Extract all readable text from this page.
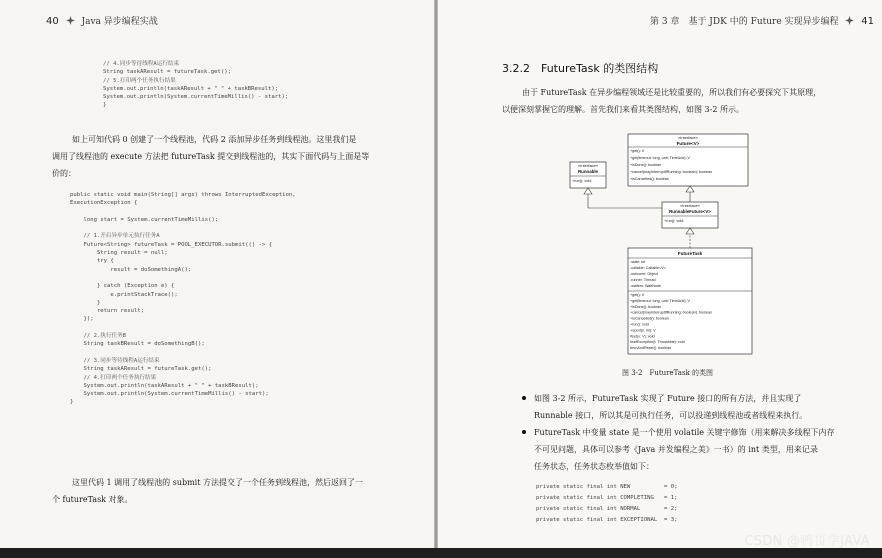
40	Java 异步编程实战
// 4.同步等待线程A运行结束
String taskAResult = futureTask.get();
// 5.打印两个任务执行结果
System.out.println(taskAResult + " " + taskBResult);
System.out.println(System.currentTimeMillis() - start);
}
如上可知代码 0 创建了一个线程池，代码 2 添加异步任务到线程池。这里我们是
调用了线程池的 execute 方法把 futureTask 提交到线程池的，其实下面代码与上面是等
价的：
public static void main(String[] args) throws InterruptedException,
ExecutionException {

long start = System.currentTimeMillis();

// 1.开启异步单元执行任务A
Future<String> futureTask = POOL_EXECUTOR.submit(() -> {
String result = null;
try {
result = doSomethingA();

} catch (Exception e) {
e.printStackTrace();
}
return result;
});

// 2.执行任务B
String taskBResult = doSomethingB();

// 3.同步等待线程A运行结束
String taskAResult = futureTask.get();
// 4.打印两个任务执行结果
System.out.println(taskAResult + " " + taskBResult);
System.out.println(System.currentTimeMillis() - start);
}
这里代码 1 调用了线程池的 submit 方法提交了一个任务到线程池，然后返回了一
个 futureTask 对象。
第 3 章　基于 JDK 中的 Future 实现异步编程 41
3.2.2　FutureTask 的类图结构
由于 FutureTask 在异步编程领域还是比较重要的，所以我们有必要探究下其原理，
以便深刻掌握它的理解。首先我们来看其类图结构，如图 3-2 所示。
«Interface»
Future<V>
+get(): V
+get(timeout: long, unit: TimeUnit): V
+isDone(): boolean
+cancel(mayInterruptIfRunning: boolean): boolean
+isCancelled(): boolean
«Interface»
Runnable
+run(): void
«Interface»
RunnableFuture<V>
+run(): void
FutureTask
-state: int
-callable: Callable<V>
-outcome: Object
-runner: Thread
-waiters: WaitNode
+get(): V
+get(timeout: long, unit: TimeUnit): V
+isDone(): boolean
+cancel(mayInterruptIfRunning: boolean): boolean
+isCancelled(): boolean
+run(): void
-report(s: int): V
#set(v: V): void
#setException(t: Throwable): void
#runAndReset(): boolean
图 3-2　FutureTask 的类图
如图 3-2 所示，FutureTask 实现了 Future 接口的所有方法，并且实现了
Runnable 接口，所以其是可执行任务，可以投递到线程池或者线程来执行。
FutureTask 中变量 state 是一个使用 volatile 关键字修饰（用来解决多线程下内存
不可见问题，具体可以参考《Java 并发编程之美》一书）的 int 类型，用来记录
任务状态，任务状态枚举值如下：
private static final int NEW          = 0;
private static final int COMPLETING   = 1;
private static final int NORMAL       = 2;
private static final int EXCEPTIONAL  = 3;
CSDN @鸭哥学JAVA
